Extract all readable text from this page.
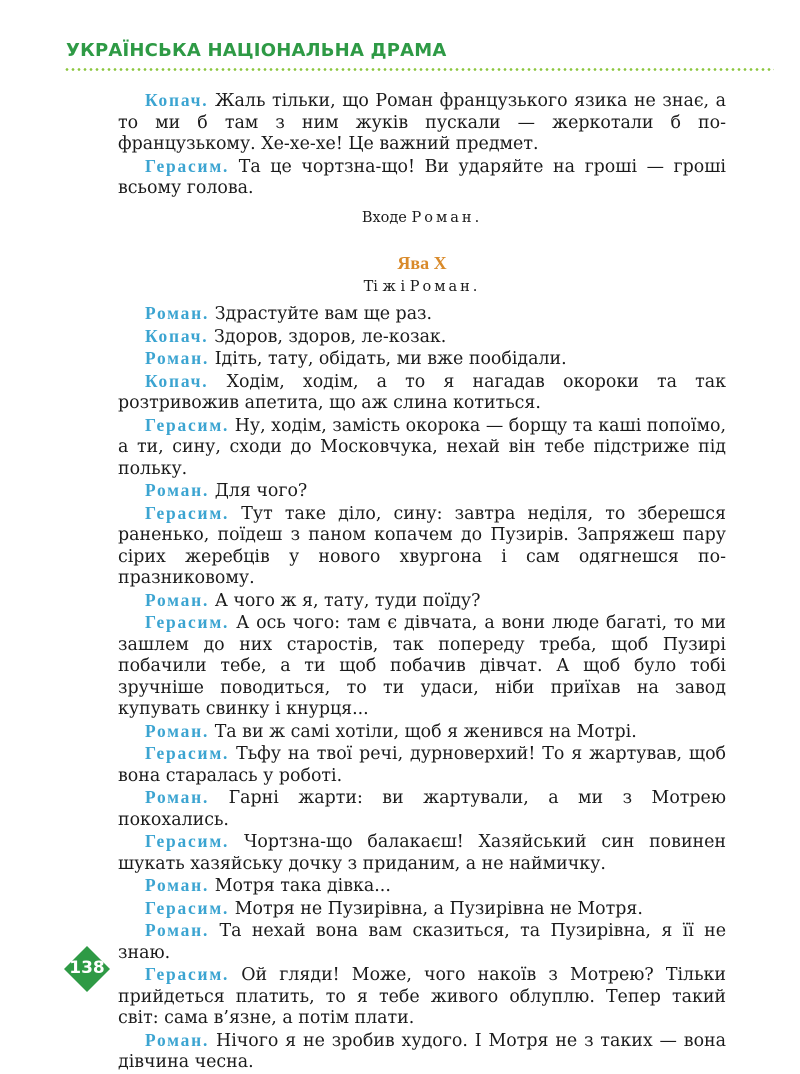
УКРАЇНСЬКА НАЦІОНАЛЬНА ДРАМА

Копач. Жаль тільки, що Роман французького язика не знає, а то ми б там з ним жуків пускали — жеркотали б по-французькому. Хе-хе-хе! Це важний предмет.

Герасим. Та це чортзна-що! Ви ударяйте на гроші — гроші всьому голова.

Входе Роман.
Ява Х
Ті ж і Роман.

Роман. Здрастуйте вам ще раз.

Копач. Здоров, здоров, ле-козак.

Роман. Ідіть, тату, обідать, ми вже пообідали.

Копач. Ходім, ходім, а то я нагадав окороки та так розтривожив апетита, що аж слина котиться.

Герасим. Ну, ходім, замість окорока — борщу та каші попоїмо, а ти, сину, сходи до Московчука, нехай він тебе підстриже під польку.

Роман. Для чого?

Герасим. Тут таке діло, сину: завтра неділя, то зберешся раненько, поїдеш з паном копачем до Пузирів. Запряжеш пару сірих жеребців у нового хвургона і сам одягнешся по-празниковому.

Роман. А чого ж я, тату, туди поїду?

Герасим. А ось чого: там є дівчата, а вони люде багаті, то ми зашлем до них старостів, так попереду треба, щоб Пузирі побачили тебе, а ти щоб побачив дівчат. А щоб було тобі зручніше поводиться, то ти удаси, ніби приїхав на завод купувать свинку і кнурця...

Роман. Та ви ж самі хотіли, щоб я женився на Мотрі.

Герасим. Тьфу на твої речі, дурноверхий! То я жартував, щоб вона старалась у роботі.

Роман. Гарні жарти: ви жартували, а ми з Мотрею покохались.

Герасим. Чортзна-що балакаєш! Хазяйський син повинен шукать хазяйську дочку з приданим, а не наймичку.

Роман. Мотря така дівка...

Герасим. Мотря не Пузирівна, а Пузирівна не Мотря.

Роман. Та нехай вона вам сказиться, та Пузирівна, я її не знаю.

Герасим. Ой гляди! Може, чого накоїв з Мотрею? Тільки прийдеться платить, то я тебе живого облуплю. Тепер такий світ: сама в’язне, а потім плати.

Роман. Нічого я не зробив худого. І Мотря не з таких — вона дівчина чесна.

138
